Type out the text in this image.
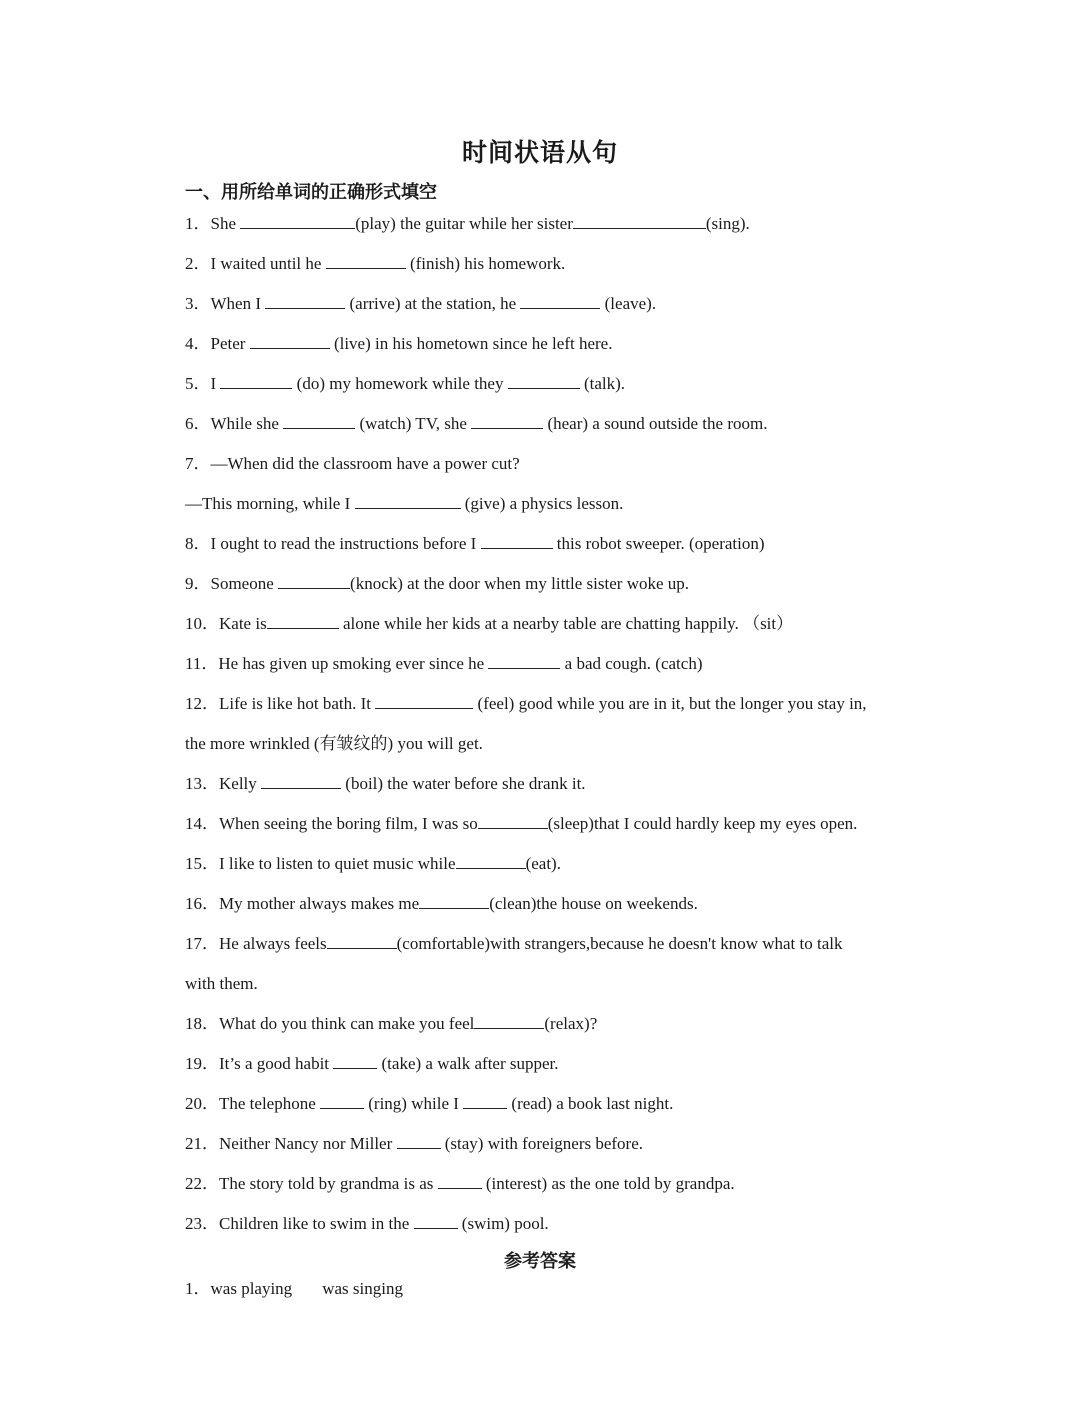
时间状语从句
一、用所给单词的正确形式填空
1．She	(play) the guitar while her sister	(sing).
2．I waited until he	(finish) his homework.
3．When I	(arrive) at the station, he	(leave).
4．Peter	(live) in his hometown since he left here.
5．I	(do) my homework while they	(talk).
6．While she	(watch) TV, she	(hear) a sound outside the room.
7．—When did the classroom have a power cut?
—This morning, while I	(give) a physics lesson.
8．I ought to read the instructions before I	this robot sweeper. (operation)
9．Someone	(knock) at the door when my little sister woke up.
10．Kate is	alone while her kids at a nearby table are chatting happily. （sit）
11．He has given up smoking ever since he	a bad cough. (catch)
12．Life is like hot bath. It	(feel) good while you are in it, but the longer you stay in,
the more wrinkled (有皱纹的) you will get.
13．Kelly	(boil) the water before she drank it.
14．When seeing the boring film, I was so	(sleep)that I could hardly keep my eyes open.
15．I like to listen to quiet music while	(eat).
16．My mother always makes me	(clean)the house on weekends.
17．He always feels	(comfortable)with strangers,because he doesn't know what to talk
with them.
18．What do you think can make you feel	(relax)?
19．It’s a good habit	(take) a walk after supper.
20．The telephone	(ring) while I	(read) a book last night.
21．Neither Nancy nor Miller	(stay) with foreigners before.
22．The story told by grandma is as	(interest) as the one told by grandpa.
23．Children like to swim in the	(swim) pool.
参考答案
1．was playing was singing
